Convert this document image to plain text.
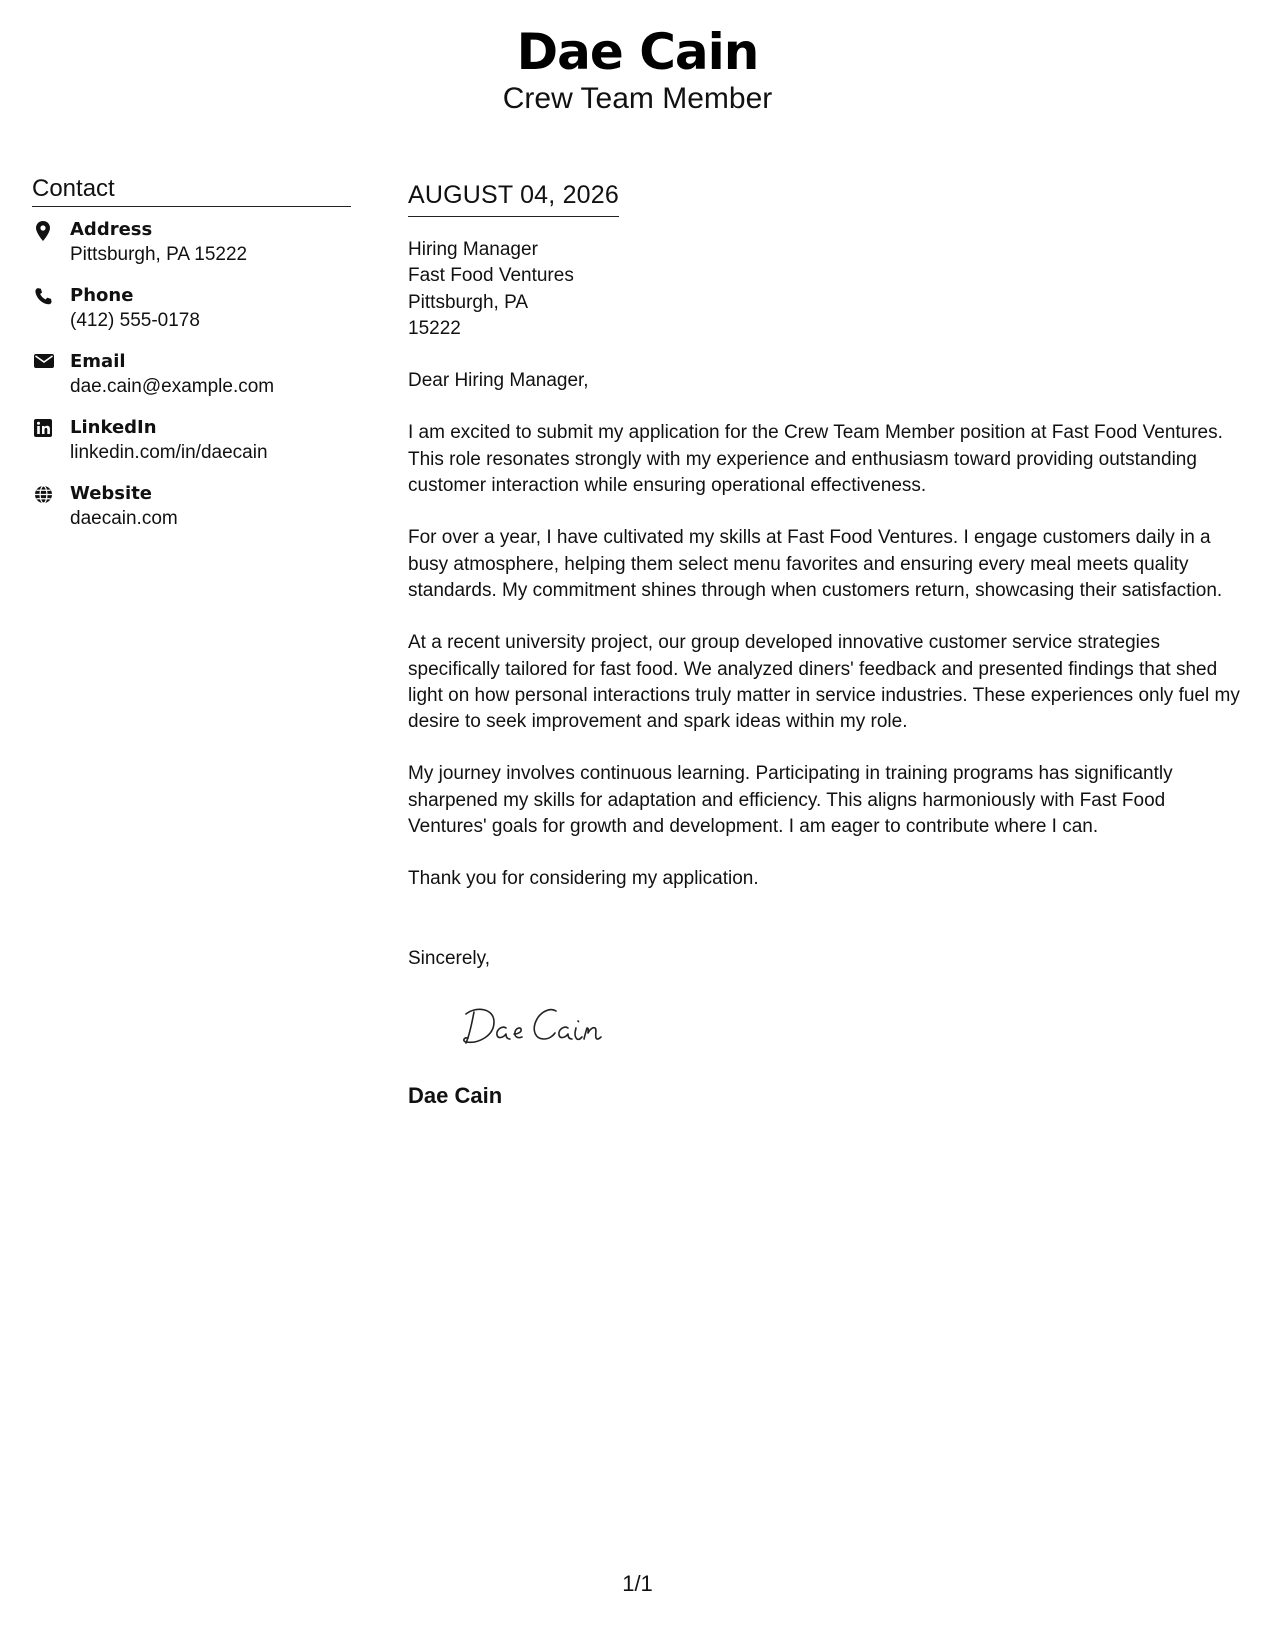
Dae Cain
Crew Team Member
Contact
Address
Pittsburgh, PA 15222
Phone
(412) 555-0178
Email
dae.cain@example.com
LinkedIn
linkedin.com/in/daecain
Website
daecain.com
AUGUST 04, 2026
Hiring Manager
Fast Food Ventures
Pittsburgh, PA
15222
Dear Hiring Manager,

I am excited to submit my application for the Crew Team Member position at Fast Food Ventures. This role resonates strongly with my experience and enthusiasm toward providing outstanding customer interaction while ensuring operational effectiveness.

For over a year, I have cultivated my skills at Fast Food Ventures. I engage customers daily in a busy atmosphere, helping them select menu favorites and ensuring every meal meets quality standards. My commitment shines through when customers return, showcasing their satisfaction.

At a recent university project, our group developed innovative customer service strategies specifically tailored for fast food. We analyzed diners' feedback and presented findings that shed light on how personal interactions truly matter in service industries. These experiences only fuel my desire to seek improvement and spark ideas within my role.

My journey involves continuous learning. Participating in training programs has significantly sharpened my skills for adaptation and efficiency. This aligns harmoniously with Fast Food Ventures' goals for growth and development. I am eager to contribute where I can.

Thank you for considering my application.

Sincerely,
Dae Cain
1/1
